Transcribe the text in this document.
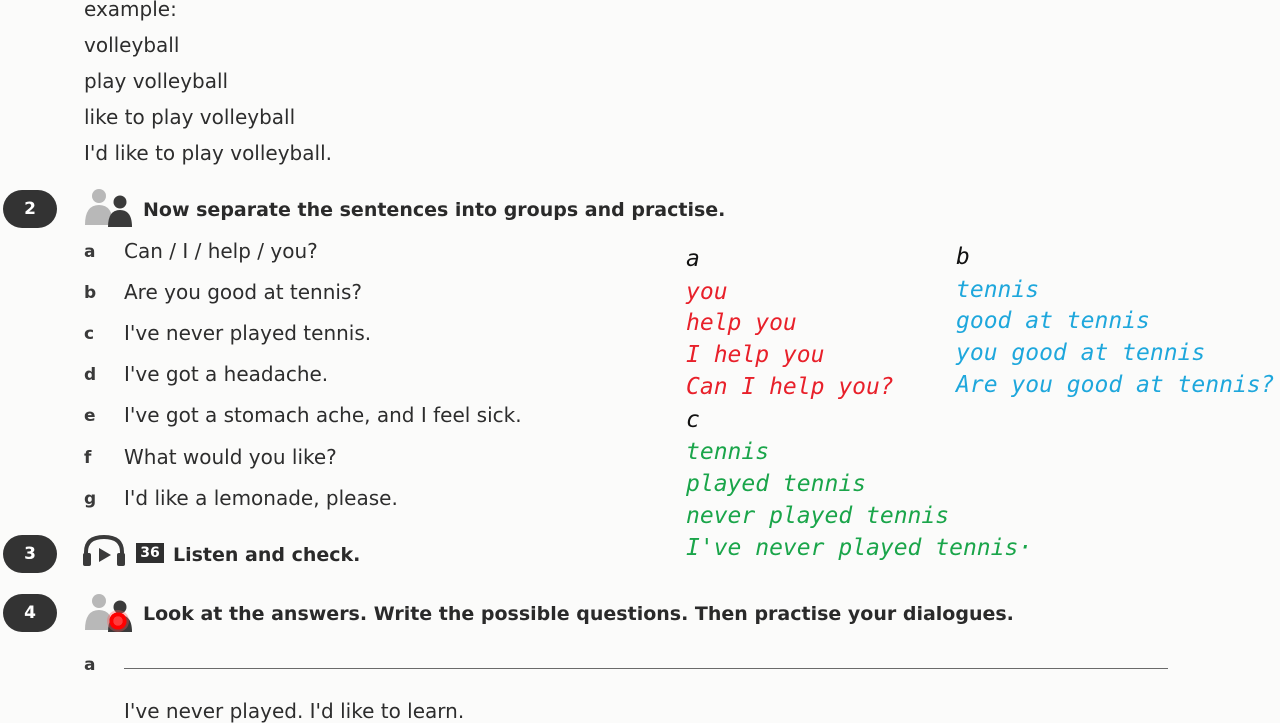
example:
volleyball
play volleyball
like to play volleyball
I'd like to play volleyball.
2	Now separate the sentences into groups and practise.
a Can / I / help / you?
b Are you good at tennis?
c I've never played tennis.
d I've got a headache.
e I've got a stomach ache, and I feel sick.
f What would you like?
g I'd like a lemonade, please.
a
you
help you
I help you
Can I help you?
b
tennis
good at tennis
you good at tennis
Are you good at tennis?
c
tennis
played tennis
never played tennis
I've never played tennis·
3	36 Listen and check.
4	Look at the answers. Write the possible questions. Then practise your dialogues.
a
I've never played. I'd like to learn.
